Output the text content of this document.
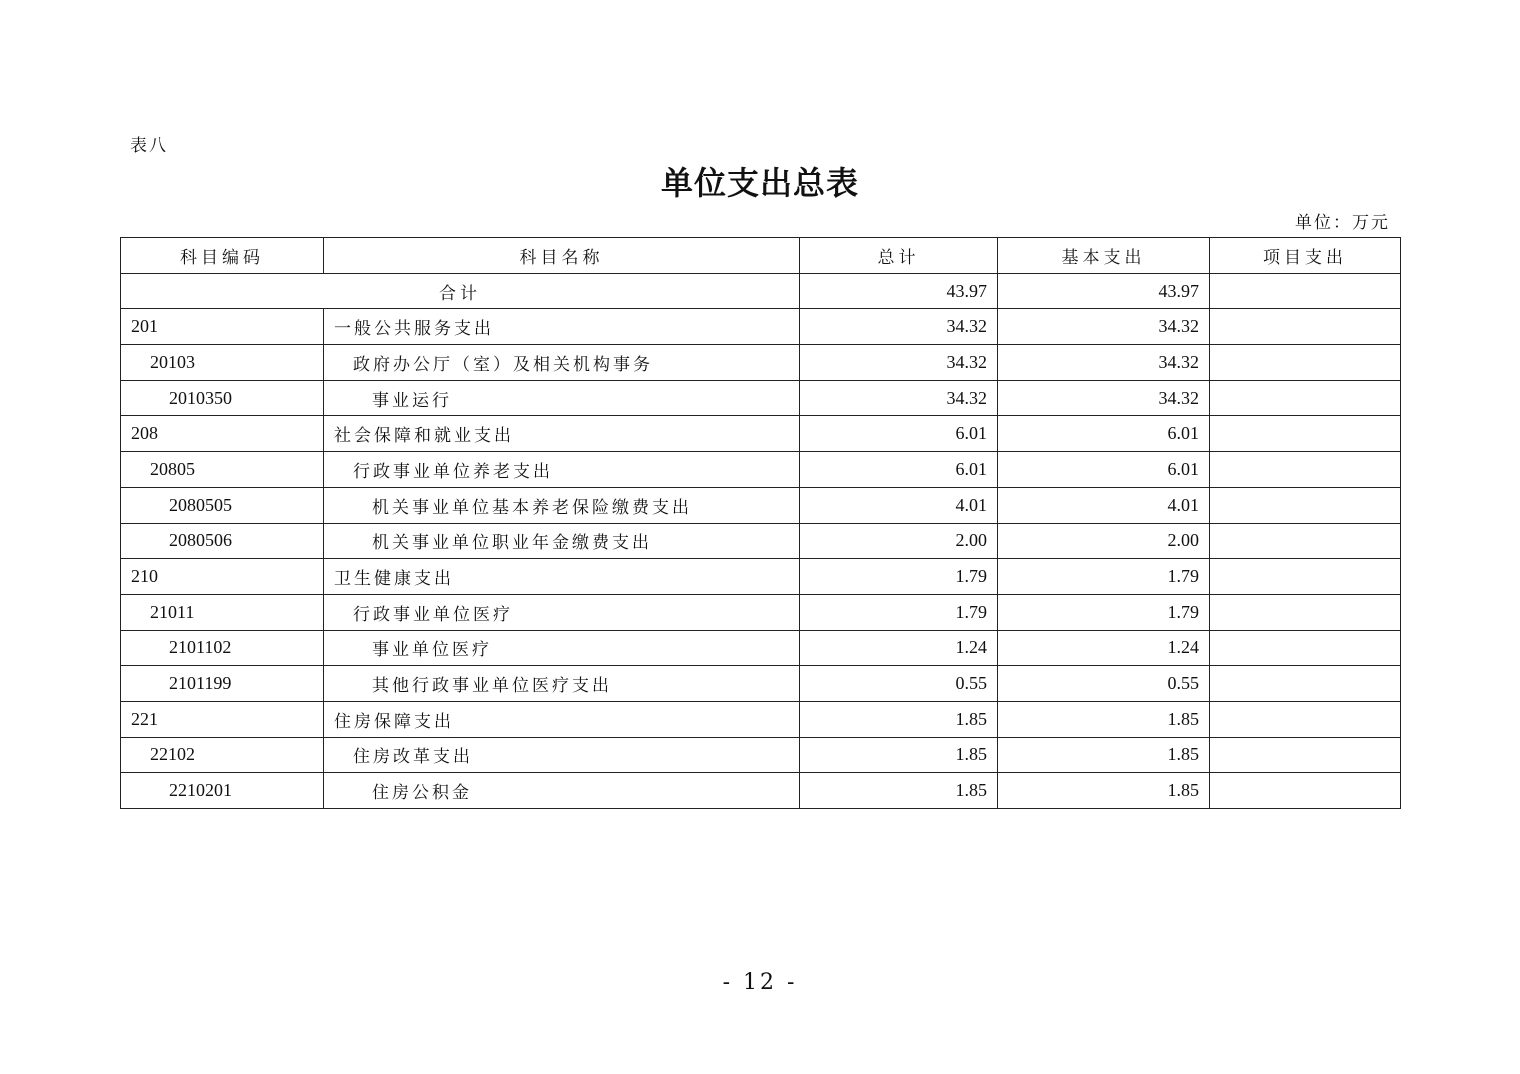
表八
单位支出总表
单位：万元
科目编码	科目名称	总计	基本支出	项目支出
合计		43.97	43.97	
201	一般公共服务支出	34.32	34.32	
20103	政府办公厅（室）及相关机构事务	34.32	34.32	
2010350	事业运行	34.32	34.32	
208	社会保障和就业支出	6.01	6.01	
20805	行政事业单位养老支出	6.01	6.01	
2080505	机关事业单位基本养老保险缴费支出	4.01	4.01	
2080506	机关事业单位职业年金缴费支出	2.00	2.00	
210	卫生健康支出	1.79	1.79	
21011	行政事业单位医疗	1.79	1.79	
2101102	事业单位医疗	1.24	1.24	
2101199	其他行政事业单位医疗支出	0.55	0.55	
221	住房保障支出	1.85	1.85	
22102	住房改革支出	1.85	1.85	
2210201	住房公积金	1.85	1.85	
- 12 -
